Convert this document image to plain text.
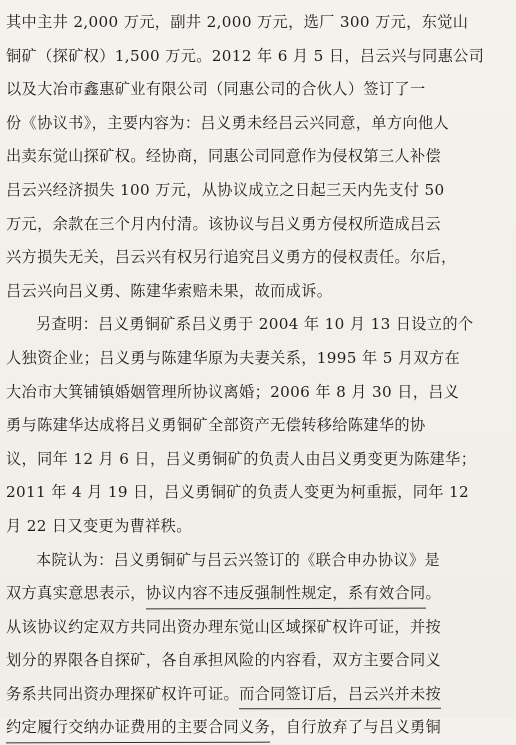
其中主井 2,000 万元，副井 2,000 万元，选厂 300 万元，东觉山
铜矿（探矿权）1,500 万元。2012 年 6 月 5 日，吕云兴与同惠公司
以及大冶市鑫惠矿业有限公司（同惠公司的合伙人）签订了一
份《协议书》，主要内容为：吕义勇未经吕云兴同意，单方向他人
出卖东觉山探矿权。经协商，同惠公司同意作为侵权第三人补偿
吕云兴经济损失 100 万元，从协议成立之日起三天内先支付 50
万元，余款在三个月内付清。该协议与吕义勇方侵权所造成吕云
兴方损失无关，吕云兴有权另行追究吕义勇方的侵权责任。尔后，
吕云兴向吕义勇、陈建华索赔未果，故而成诉。
另查明：吕义勇铜矿系吕义勇于 2004 年 10 月 13 日设立的个
人独资企业；吕义勇与陈建华原为夫妻关系，1995 年 5 月双方在
大冶市大箕铺镇婚姻管理所协议离婚；2006 年 8 月 30 日，吕义
勇与陈建华达成将吕义勇铜矿全部资产无偿转移给陈建华的协
议，同年 12 月 6 日，吕义勇铜矿的负责人由吕义勇变更为陈建华；
2011 年 4 月 19 日，吕义勇铜矿的负责人变更为柯重振，同年 12
月 22 日又变更为曹祥秩。
本院认为：吕义勇铜矿与吕云兴签订的《联合申办协议》是
双方真实意思表示，协议内容不违反强制性规定，系有效合同。
从该协议约定双方共同出资办理东觉山区域探矿权许可证，并按
划分的界限各自探矿，各自承担风险的内容看，双方主要合同义
务系共同出资办理探矿权许可证。而合同签订后，吕云兴并未按
约定履行交纳办证费用的主要合同义务，自行放弃了与吕义勇铜
